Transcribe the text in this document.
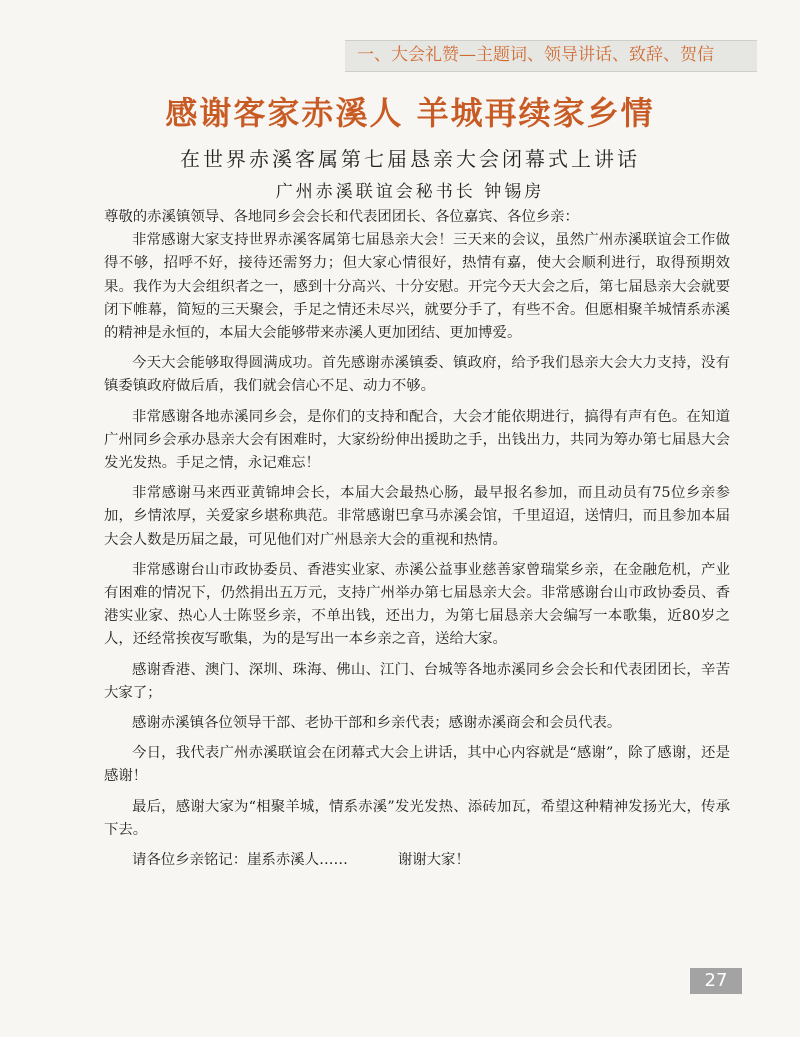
一、大会礼赞—主题词、领导讲话、致辞、贺信
感谢客家赤溪人 羊城再续家乡情
在世界赤溪客属第七届恳亲大会闭幕式上讲话
广州赤溪联谊会秘书长 钟锡房

尊敬的赤溪镇领导、各地同乡会会长和代表团团长、各位嘉宾、各位乡亲：

非常感谢大家支持世界赤溪客属第七届恳亲大会！三天来的会议，虽然广州赤溪联谊会工作做得不够，招呼不好，接待还需努力；但大家心情很好，热情有嘉，使大会顺利进行，取得预期效果。我作为大会组织者之一，感到十分高兴、十分安慰。开完今天大会之后，第七届恳亲大会就要闭下帷幕，简短的三天聚会，手足之情还未尽兴，就要分手了，有些不舍。但愿相聚羊城情系赤溪的精神是永恒的，本届大会能够带来赤溪人更加团结、更加博爱。

今天大会能够取得圆满成功。首先感谢赤溪镇委、镇政府，给予我们恳亲大会大力支持，没有镇委镇政府做后盾，我们就会信心不足、动力不够。

非常感谢各地赤溪同乡会，是你们的支持和配合，大会才能依期进行，搞得有声有色。在知道广州同乡会承办恳亲大会有困难时，大家纷纷伸出援助之手，出钱出力，共同为筹办第七届恳大会发光发热。手足之情，永记难忘！

非常感谢马来西亚黄锦坤会长，本届大会最热心肠，最早报名参加，而且动员有75位乡亲参加，乡情浓厚，关爱家乡堪称典范。非常感谢巴拿马赤溪会馆，千里迢迢，送情归，而且参加本届大会人数是历届之最，可见他们对广州恳亲大会的重视和热情。

非常感谢台山市政协委员、香港实业家、赤溪公益事业慈善家曾瑞棠乡亲，在金融危机，产业有困难的情况下，仍然捐出五万元，支持广州举办第七届恳亲大会。非常感谢台山市政协委员、香港实业家、热心人士陈竖乡亲，不单出钱，还出力，为第七届恳亲大会编写一本歌集，近80岁之人，还经常挨夜写歌集，为的是写出一本乡亲之音，送给大家。

感谢香港、澳门、深圳、珠海、佛山、江门、台城等各地赤溪同乡会会长和代表团团长，辛苦大家了；

感谢赤溪镇各位领导干部、老协干部和乡亲代表；感谢赤溪商会和会员代表。

今日，我代表广州赤溪联谊会在闭幕式大会上讲话，其中心内容就是“感谢”，除了感谢，还是感谢！

最后，感谢大家为“相聚羊城，情系赤溪”发光发热、添砖加瓦，希望这种精神发扬光大，传承下去。

请各位乡亲铭记：崖系赤溪人……	谢谢大家！

27
